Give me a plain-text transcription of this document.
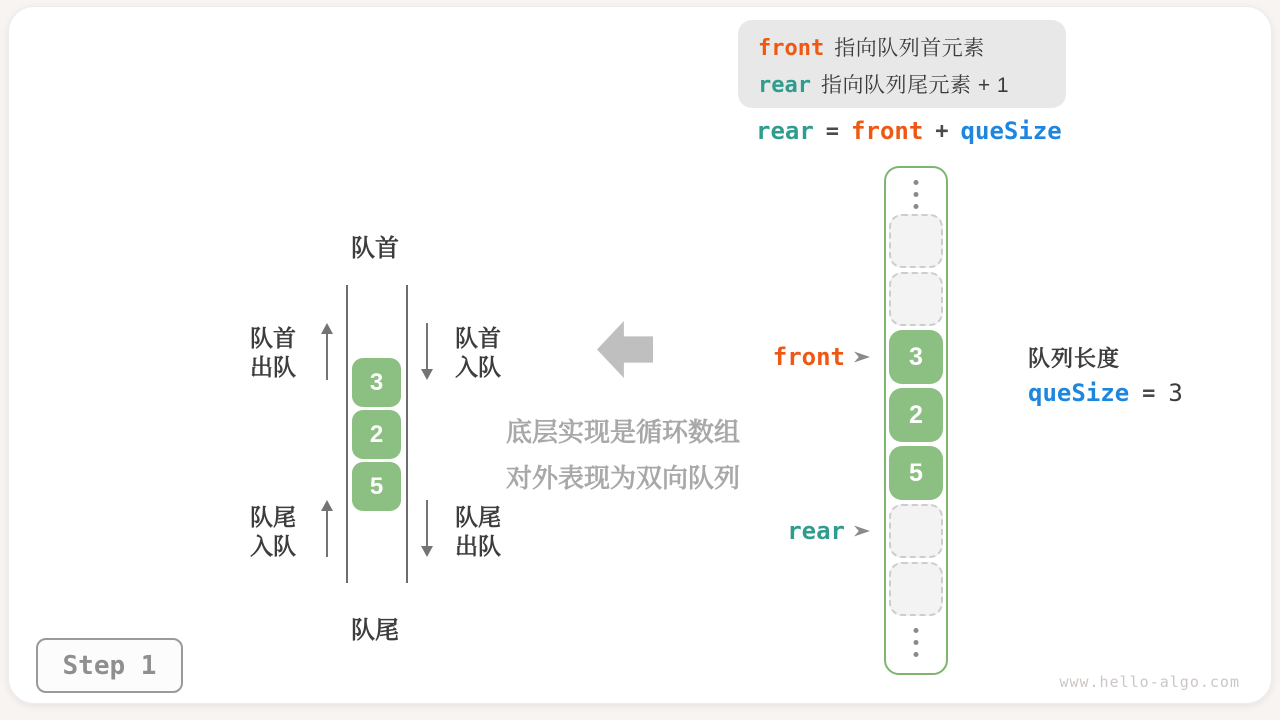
front 指向队列首元素
rear 指向队列尾元素 + 1
rear = front + queSize
队首
3
2
5
队首
出队
队首
入队
队尾
入队
队尾
出队
队尾
底层实现是循环数组
对外表现为双向队列
3
2
5
front
rear
队列长度
queSize = 3
Step 1
www.hello-algo.com
